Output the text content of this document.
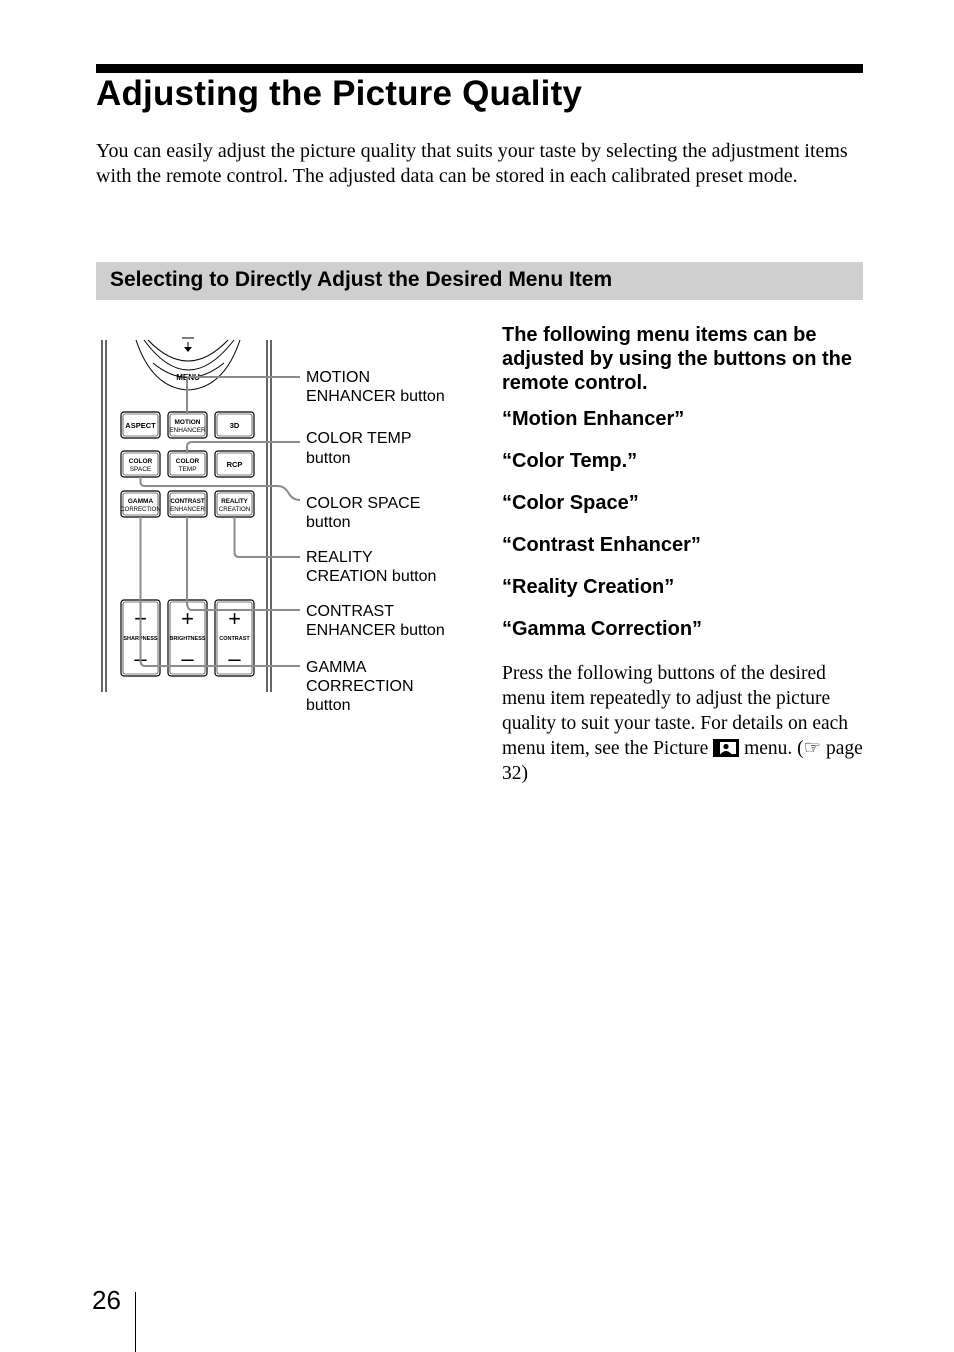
Adjusting the Picture Quality
You can easily adjust the picture quality that suits your taste by selecting the adjustment items with the remote control. The adjusted data can be stored in each calibrated preset mode.
Selecting to Directly Adjust the Desired Menu Item
MENU
ASPECT	MOTION
ENHANCER
3D
COLOR
SPACE
COLOR
TEMP
RCP
GAMMA
CORRECTION
CONTRAST
ENHANCER
REALITY
CREATION
+
SHARPNESS
–
+
BRIGHTNESS
–
+
CONTRAST
–
MOTION
ENHANCER button
COLOR TEMP
button
COLOR SPACE
button
REALITY
CREATION button
CONTRAST
ENHANCER button
GAMMA
CORRECTION
button

The following menu items can be adjusted by using the buttons on the remote control.

“Motion Enhancer”
“Color Temp.”
“Color Space”
“Contrast Enhancer”
“Reality Creation”
“Gamma Correction”

Press the following buttons of the desired menu item repeatedly to adjust the picture quality to suit your taste. For details on each menu item, see the Picture menu. (☞ page 32)

26
